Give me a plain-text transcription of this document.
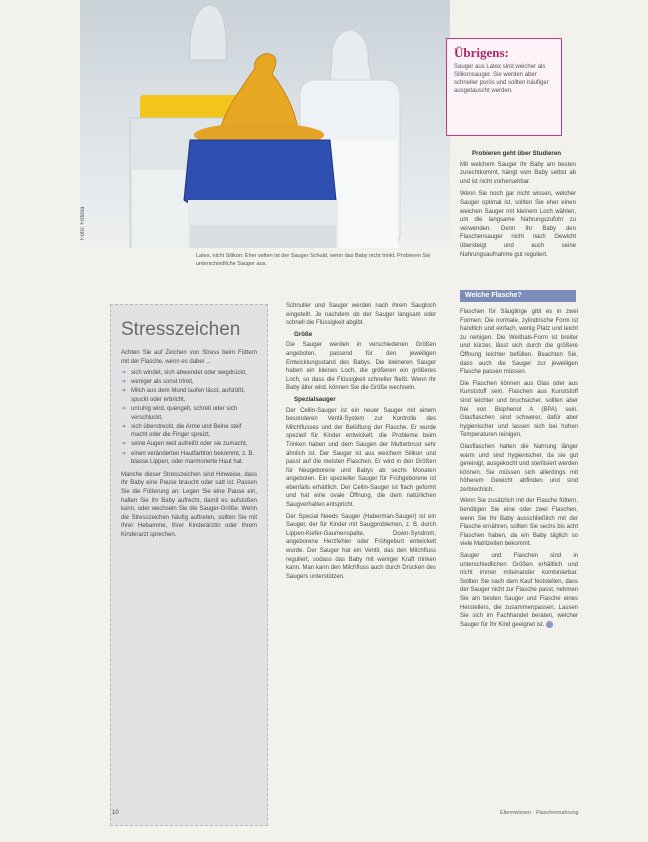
Foto: Fotolia
Latex, nicht Silikon: Eher selten ist der Sauger Schuld, wenn das Baby nicht trinkt. Probieren Sie unterschiedliche Sauger aus.
Übrigens:
Sauger aus Latex sind weicher als Silikonsauger. Sie werden aber schneller porös und sollten häufiger ausgetauscht werden.
Probieren geht über Studieren

Mit welchem Sauger Ihr Baby am besten zurechtkommt, hängt vom Baby selbst ab und ist nicht vorhersehbar.

Wenn Sie noch gar nicht wissen, welcher Sauger optimal ist, sollten Sie eher einen weichen Sauger mit kleinem Loch wählen, um die langsame Nahrungszufuhr zu verwenden. Denn Ihr Baby den Flaschensauger nicht nach Gewicht übersteigt und auch seine Nahrungsaufnahme gut reguliert.

Welche Flasche?

Flaschen für Säuglinge gibt es in zwei Formen: Die normale, zylindrische Form ist handlich und einfach, wenig Platz und leicht zu reinigen. Die Weithals-Form ist breiter und kürzer, lässt sich durch die größere Öffnung leichter befüllen. Beachten Sie, dass auch die Sauger zur jeweiligen Flasche passen müssen.

Die Flaschen können aus Glas oder aus Kunststoff sein. Flaschen aus Kunststoff sind leichter und bruchsicher, sollten aber frei von Bisphenol A (BPA) sein. Glasflaschen sind schwerer, dafür aber hygienischer und lassen sich bei hohen Temperaturen reinigen.

Glasflaschen halten die Nahrung länger warm und sind hygienischer, da sie gut gereinigt, ausgekocht und sterilisiert werden können. Sie müssen sich allerdings mit höherem Gewicht abfinden und sind zerbrechlich.

Wenn Sie zusätzlich mit der Flasche füttern, benötigen Sie eine oder zwei Flaschen, wenn Sie Ihr Baby ausschließlich mit der Flasche ernähren, sollten Sie sechs bis acht Flaschen haben, da ein Baby täglich so viele Mahlzeiten bekommt.

Sauger und Flaschen sind in unterschiedlichen Größen erhältlich und nicht immer miteinander kombinierbar. Sollten Sie nach dem Kauf feststellen, dass der Sauger nicht zur Flasche passt, nehmen Sie am besten Sauger und Flasche eines Herstellers, die zusammenpassen. Lassen Sie sich im Fachhandel beraten, welcher Sauger für Ihr Kind geeignet ist.

Schnuller und Sauger werden nach ihrem Saugloch eingeteilt. Je nachdem ob der Sauger langsam oder schnell die Flüssigkeit abgibt.

Größe

Die Sauger werden in verschiedenen Größen angeboten, passend für den jeweiligen Entwicklungsstand des Babys. Die kleineren Sauger haben ein kleines Loch, die größeren ein größeres Loch, so dass die Flüssigkeit schneller fließt. Wenn Ihr Baby älter wird, können Sie die Größe wechseln.

Spezialsauger

Der Cellin-Sauger ist ein neuer Sauger mit einem besonderen Ventil-System zur Kontrolle des Milchflusses und der Belüftung der Flasche. Er wurde speziell für Kinder entwickelt, die Probleme beim Trinken haben und dem Saugen der Mutterbrust sehr ähnlich ist. Der Sauger ist aus weichem Silikon und passt auf die meisten Flaschen. Er wird in den Größen für Neugeborene und Babys ab sechs Monaten angeboten. Ein spezieller Sauger für Frühgeborene ist ebenfalls erhältlich. Der Cellin-Sauger ist flach geformt und hat eine ovale Öffnung, die dem natürlichen Saugverhalten entspricht.

Der Special Needs Sauger (Haberman-Sauger) ist ein Sauger, der für Kinder mit Saugproblemen, z. B. durch Lippen-Kiefer-Gaumenspalte, Down-Syndrom, angeborene Herzfehler oder Frühgeburt entwickelt wurde. Der Sauger hat ein Ventil, das den Milchfluss reguliert, sodass das Baby mit weniger Kraft trinken kann. Man kann den Milchfluss auch durch Drücken des Saugers unterstützen.

Stresszeichen

Achten Sie auf Zeichen von Stress beim Füttern mit der Flasche, wenn es dabei ...

➜ sich windet, sich abwendet oder wegdrückt,
➜ weniger als sonst trinkt,
➜ Milch aus dem Mund laufen lässt, aufstößt, spuckt oder erbricht,
➜ unruhig wird, quengelt, schreit oder sich verschluckt,
➜ sich überstreckt, die Arme und Beine steif macht oder die Finger spreizt,
➜ seine Augen weit aufreißt oder sie zumacht,
➜ einen veränderten Hautfarbton bekommt, z. B. blasse Lippen, oder marmorierte Haut hat.

Manche dieser Stresszeichen sind Hinweise, dass Ihr Baby eine Pause braucht oder satt ist. Passen Sie die Fütterung an: Legen Sie eine Pause ein, halten Sie Ihr Baby aufrecht, damit es aufstoßen kann, oder wechseln Sie die Sauger-Größe. Wenn die Stresszeichen häufig auftreten, sollten Sie mit Ihrer Hebamme, Ihrer Kinderärztin oder Ihrem Kinderarzt sprechen.

10	Elternwissen · Flaschennahrung
